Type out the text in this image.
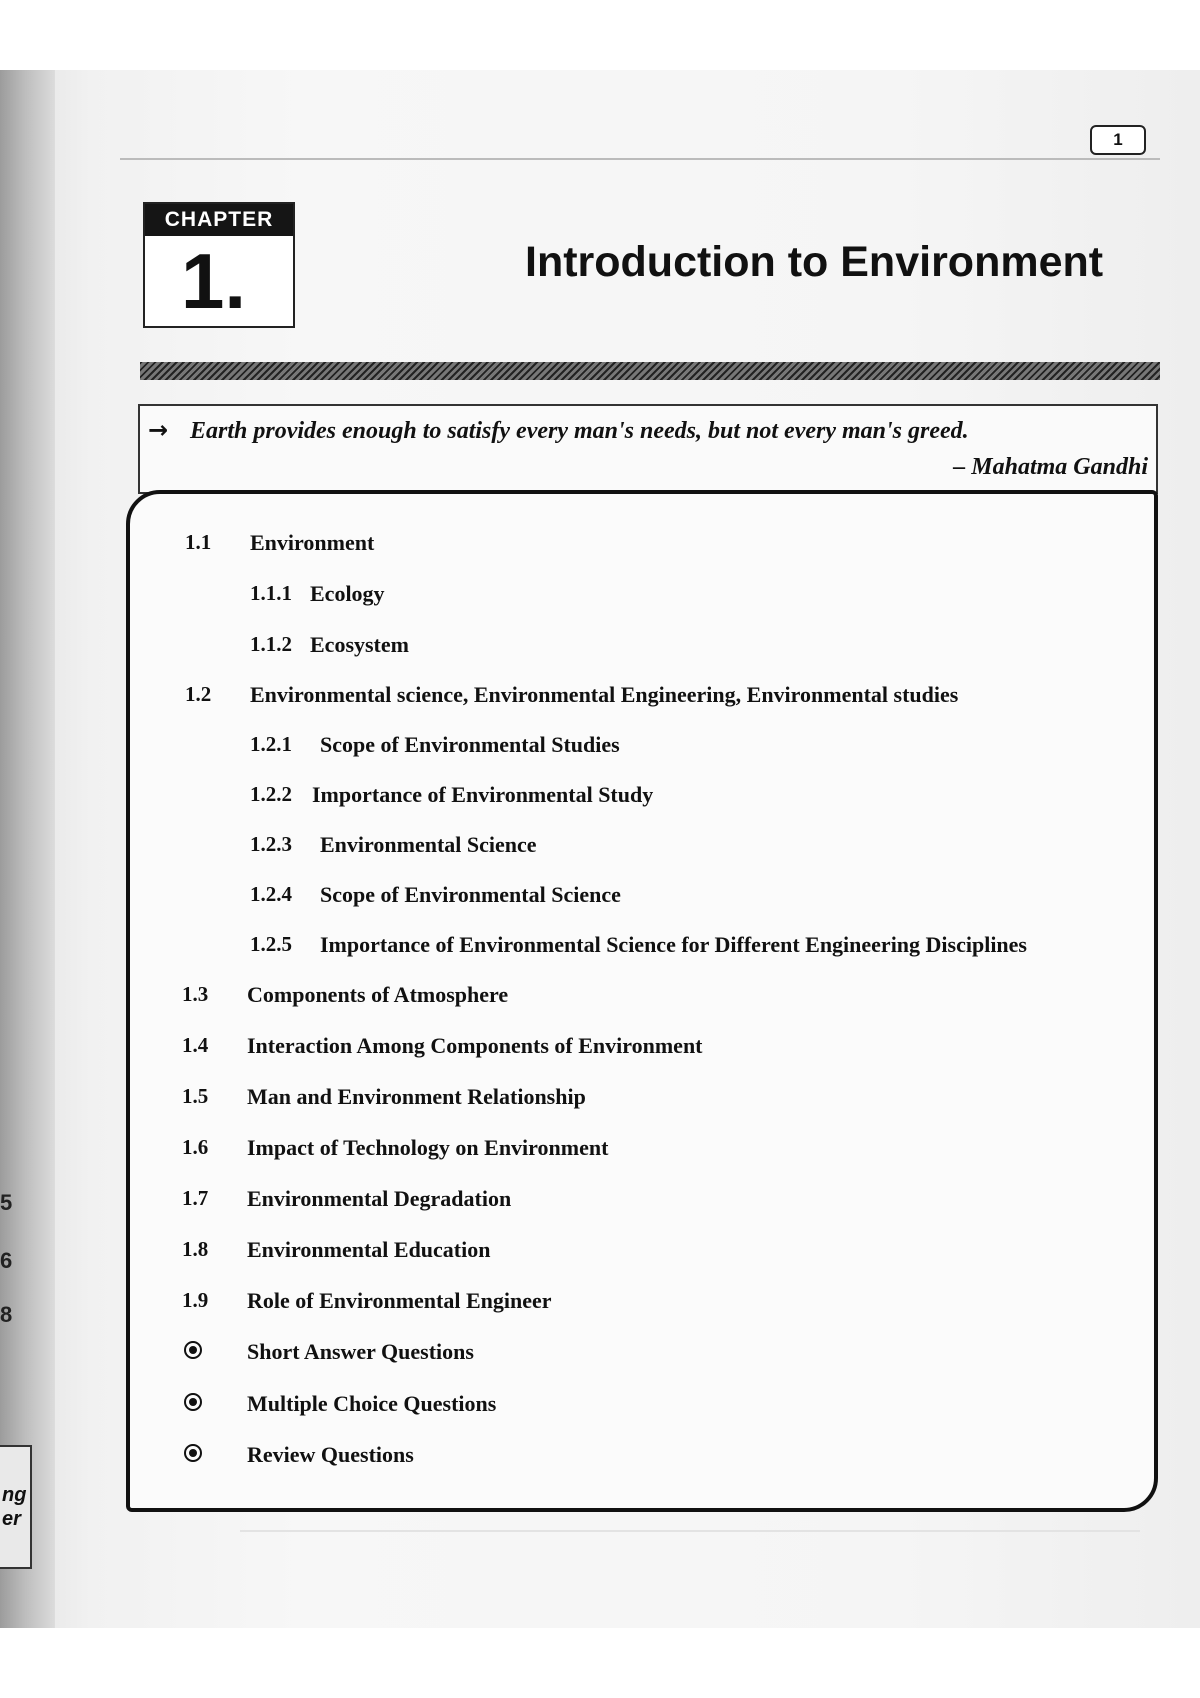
5
6
8
ng
er
1
CHAPTER
1.	Introduction to Environment
→ Earth provides enough to satisfy every man's needs, but not every man's greed.
– Mahatma Gandhi
1.1 Environment
1.1.1 Ecology
1.1.2 Ecosystem
1.2 Environmental science, Environmental Engineering, Environmental studies
1.2.1 Scope of Environmental Studies
1.2.2 Importance of Environmental Study
1.2.3 Environmental Science
1.2.4 Scope of Environmental Science
1.2.5 Importance of Environmental Science for Different Engineering Disciplines
1.3 Components of Atmosphere
1.4 Interaction Among Components of Environment
1.5 Man and Environment Relationship
1.6 Impact of Technology on Environment
1.7 Environmental Degradation
1.8 Environmental Education
1.9 Role of Environmental Engineer
Short Answer Questions
Multiple Choice Questions
Review Questions
